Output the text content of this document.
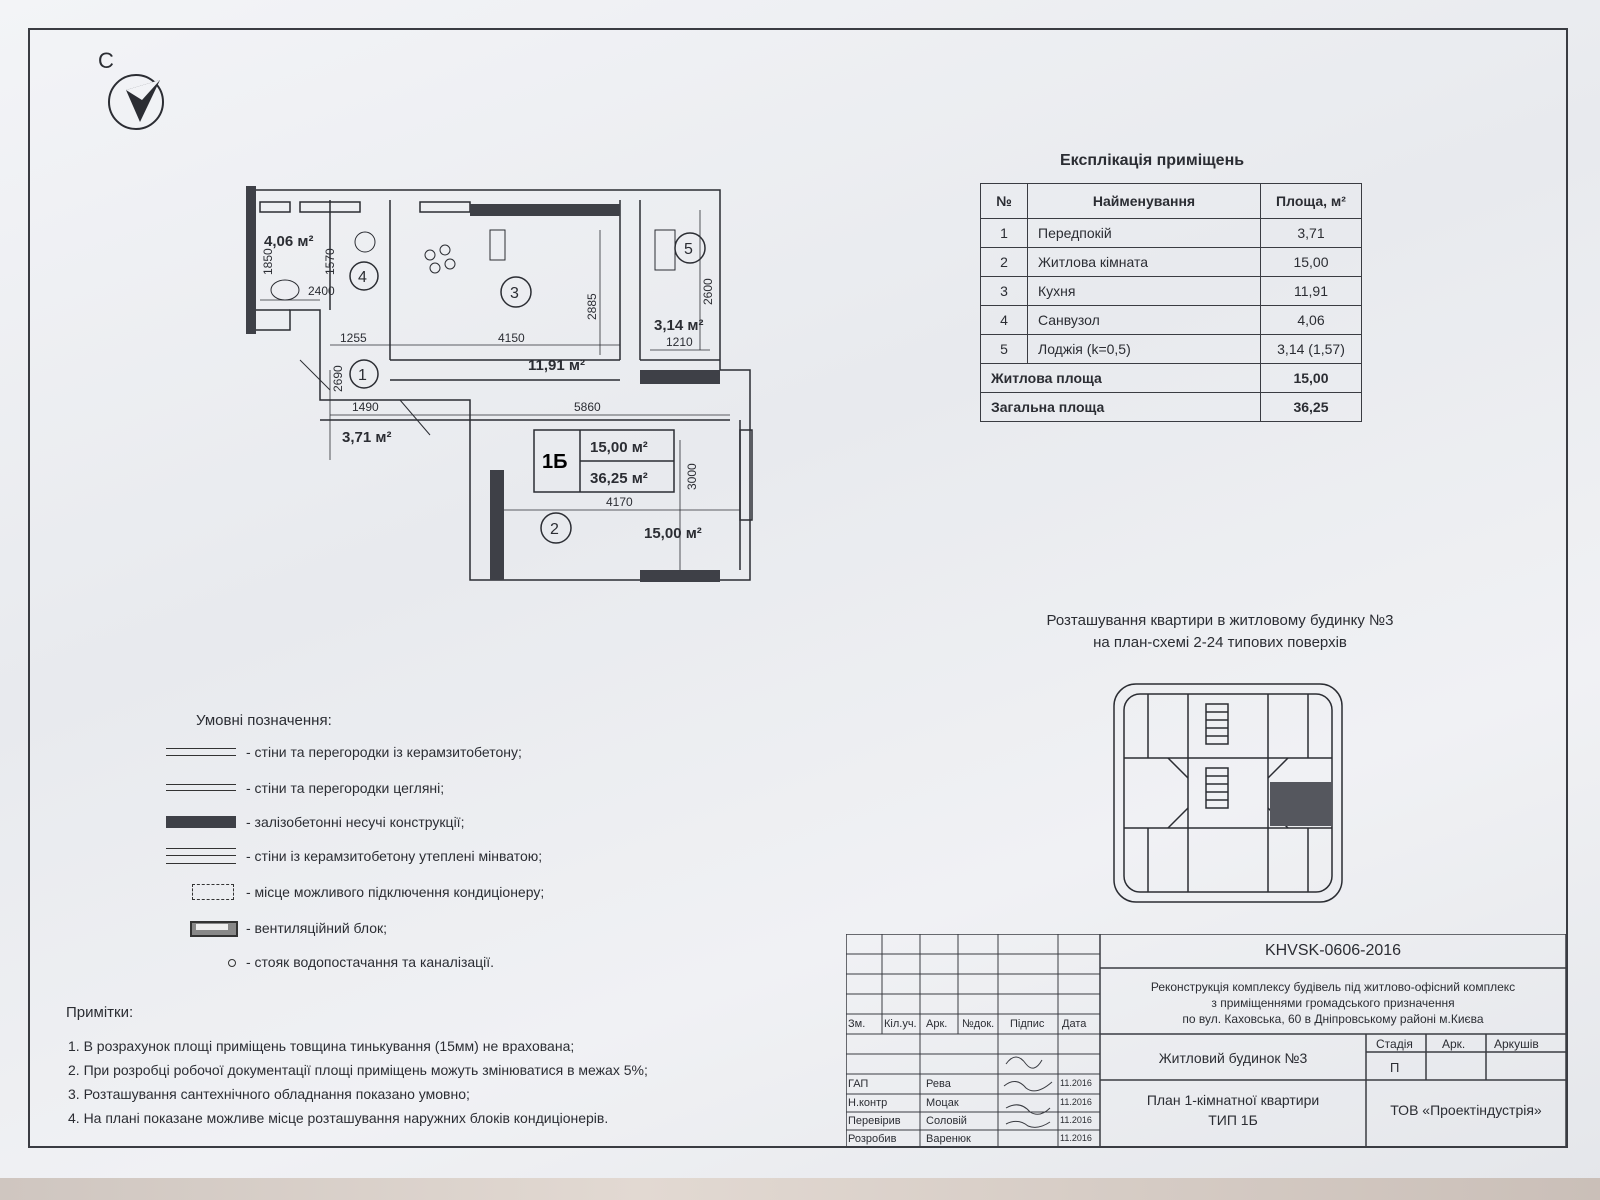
С
4
3
5
1
2
4,06 м²
11,91 м²
3,14 м²
3,71 м²
15,00 м²
2400
1850	1570
1255	4150
2885
2600
1210
2690
1490	5860
3000
4170
1Б
15,00 м²
36,25 м²
Експлікація приміщень
№	Найменування	Площа, м²
1	Передпокій	3,71
2	Житлова кімната	15,00
3	Кухня	11,91
4	Санвузол	4,06
5	Лоджія (k=0,5)	3,14 (1,57)
Житлова площа		15,00
Загальна площа		36,25
Розташування квартири в житловому будинку №3
на план-схемі 2-24 типових поверхів
Умовні позначення:
- стіни та перегородки із керамзитобетону;
- стіни та перегородки цегляні;
- залізобетонні несучі конструкції;
- стіни із керамзитобетону утеплені мінватою;
- місце можливого підключення кондиціонеру;
- вентиляційний блок;
- стояк водопостачання та каналізації.
Примітки:
1. В розрахунок площі приміщень товщина тинькування (15мм) не врахована;
2. При розробці робочої документації площі приміщень можуть змінюватися в межах 5%;
3. Розташування сантехнічного обладнання показано умовно;
4. На плані показане можливе місце розташування наружних блоків кондиціонерів.
Зм. Кіл.уч. Арк. №док. Підпис Дата
ГАП	Рева	11.2016
Н.контр	Моцак	11.2016
Перевірив Соловій	11.2016
Розробив	Варенюк	11.2016
KHVSK-0606-2016
Реконструкція комплексу будівель під житлово-офісний комплекс
з приміщеннями громадського призначення
по вул. Каховська, 60 в Дніпровському районі м.Києва
Житловий будинок №3
План 1-кімнатної квартири
ТИП 1Б
Стадія Арк. Аркушів
П
ТОВ «Проектіндустрія»
